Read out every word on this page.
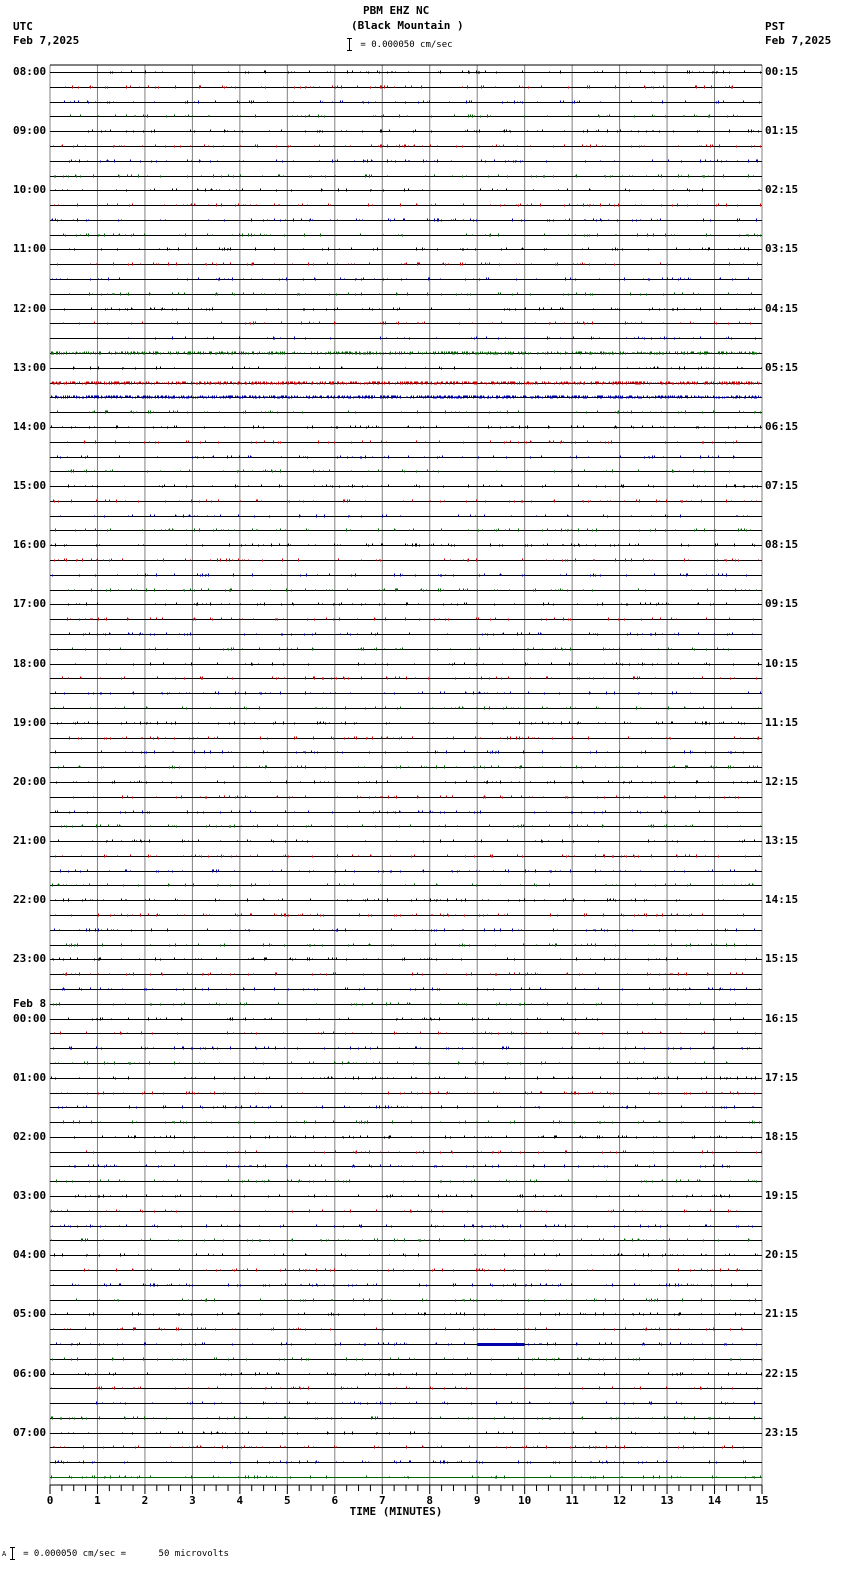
PBM EHZ NC
(Black Mountain )
= 0.000050 cm/sec
UTC
Feb 7,2025
PST
Feb 7,2025
0	1	2	3	4	5	6	7	8	9	10	11	12	13	14	15
TIME (MINUTES)
08:00	00:15
09:00	01:15
10:00	02:15
11:00	03:15
12:00	04:15
13:00	05:15
14:00	06:15
15:00	07:15
16:00	08:15
17:00	09:15
18:00	10:15
19:00	11:15
20:00	12:15
21:00	13:15
22:00	14:15
23:00	15:15
00:00	16:15
01:00	17:15
02:00	18:15
03:00	19:15
04:00	20:15
05:00	21:15
06:00	22:15
07:00	23:15
Feb 8
A = 0.000050 cm/sec =      50 microvolts
